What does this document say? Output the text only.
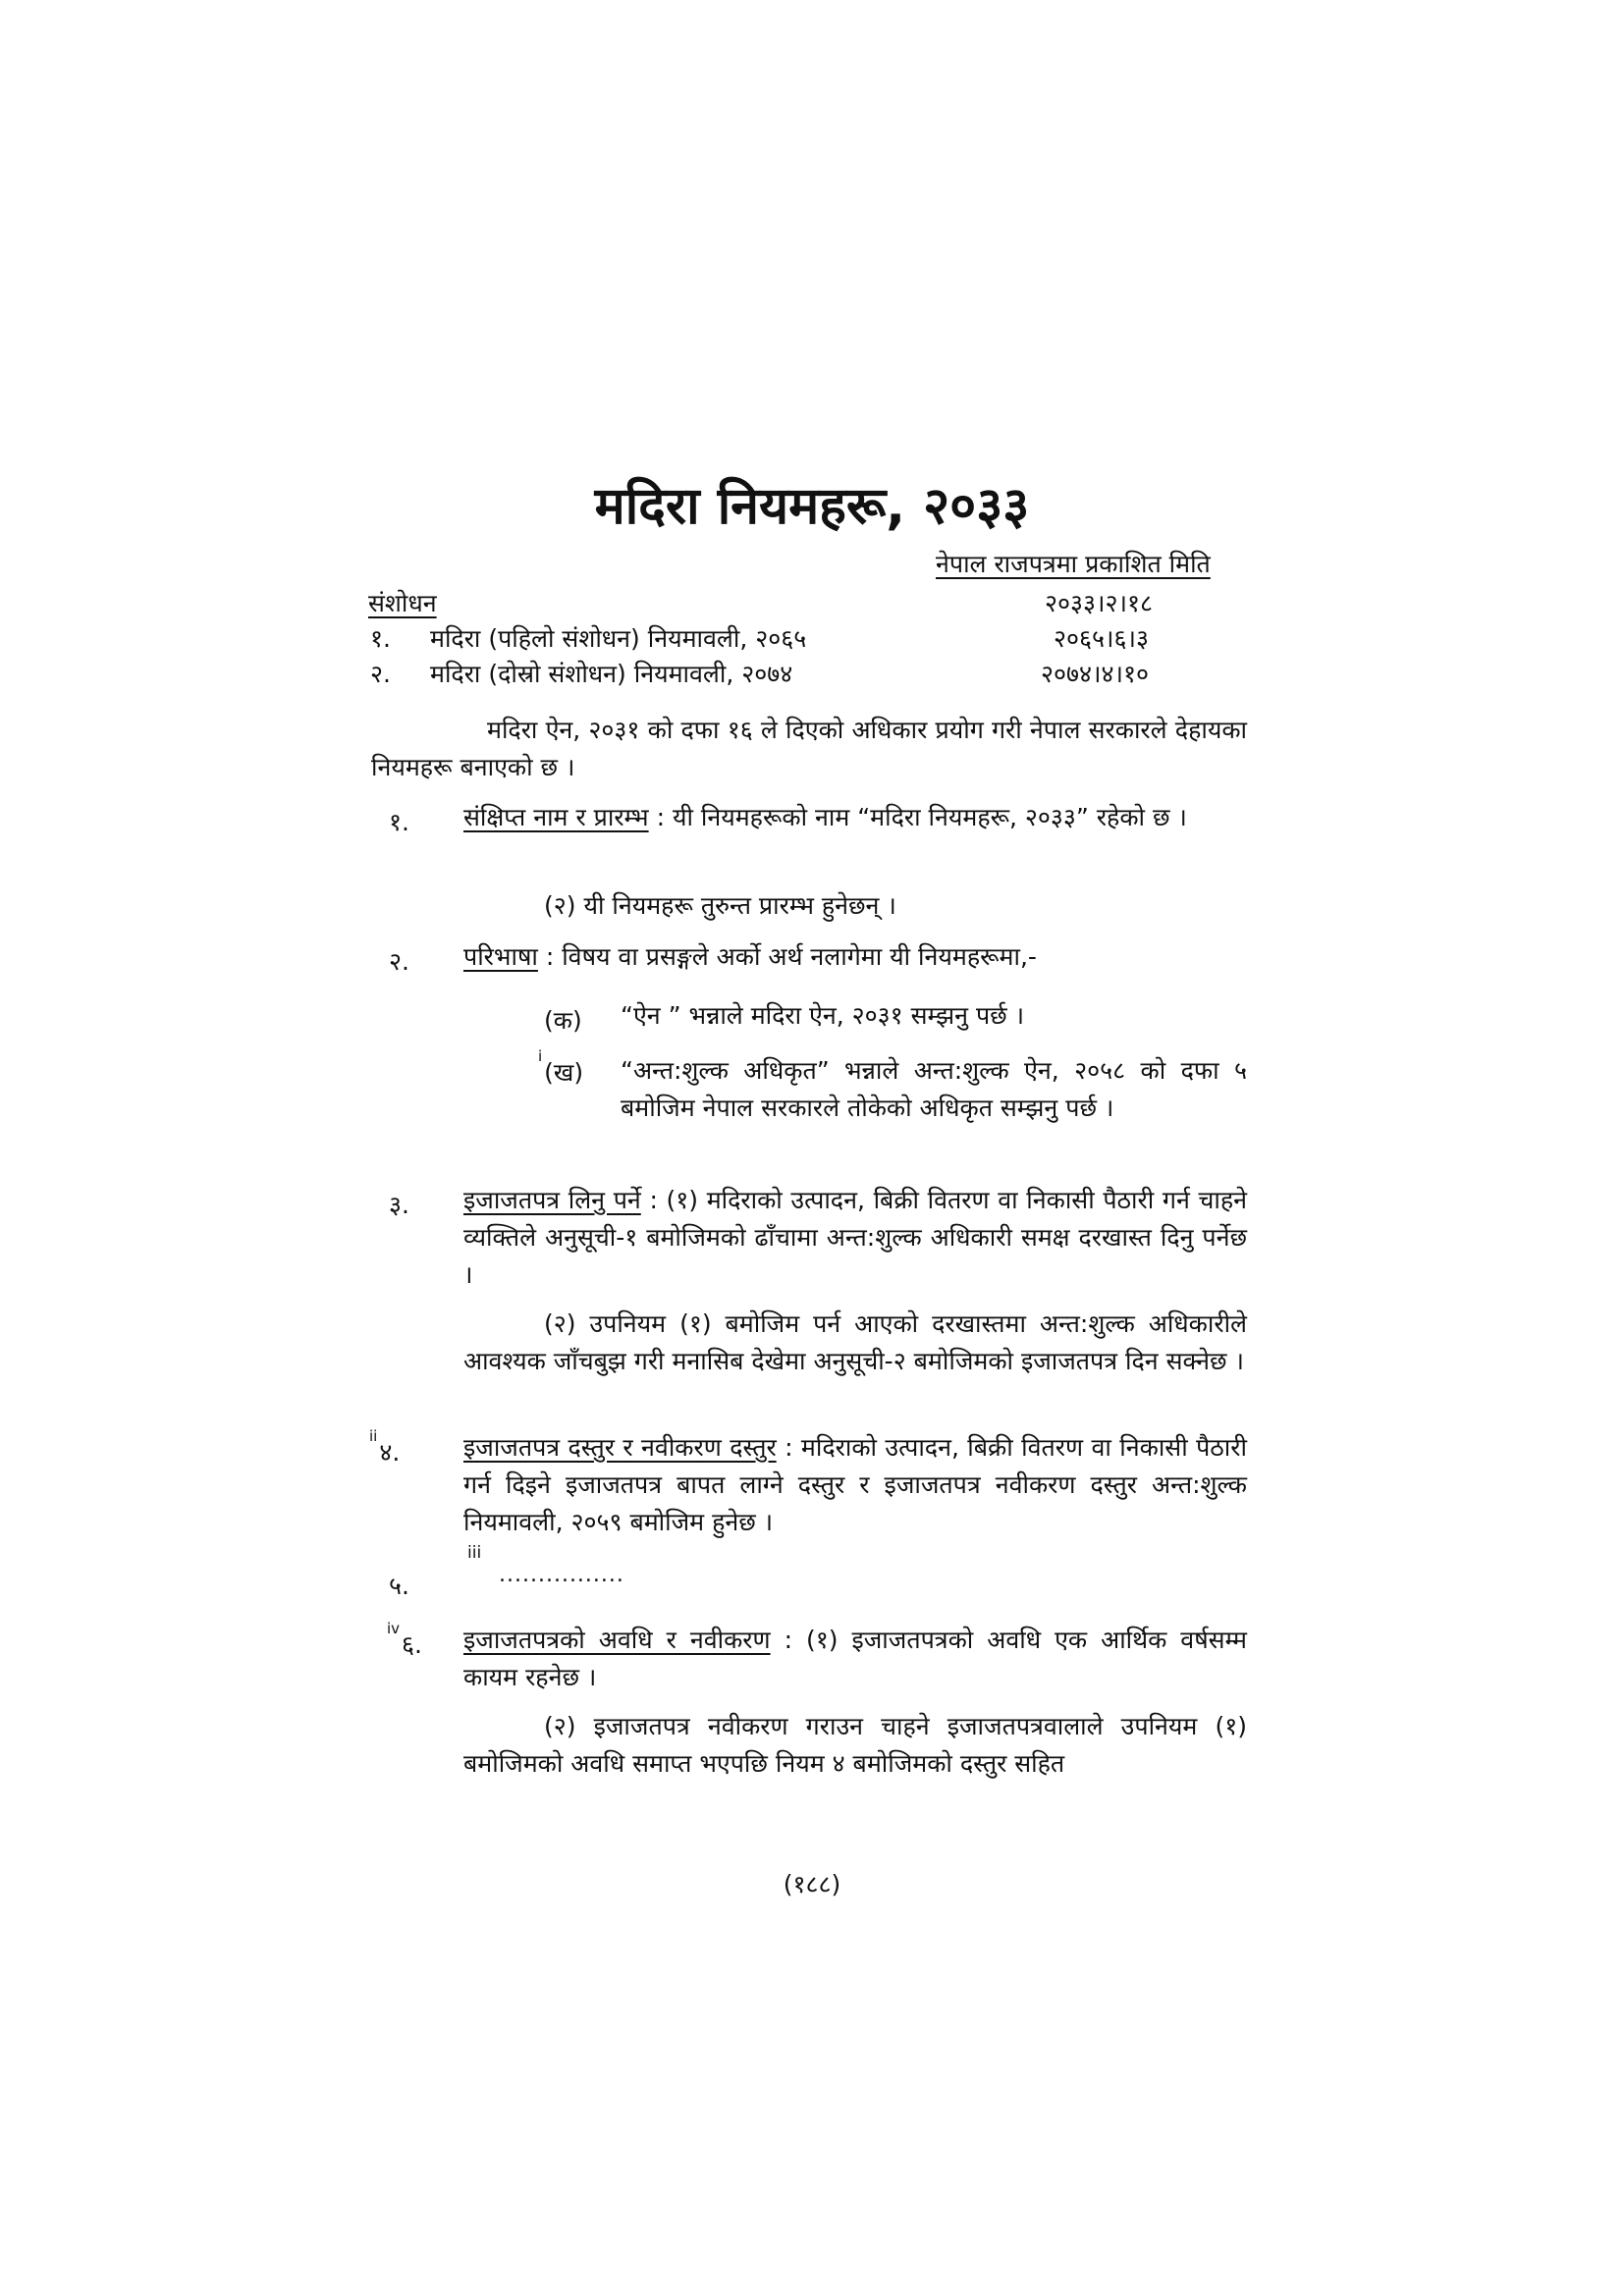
मदिरा नियमहरू, २०३३
नेपाल राजपत्रमा प्रकाशित मिति
संशोधन	२०३३।२।१८
१. मदिरा (पहिलो संशोधन) नियमावली, २०६५	२०६५।६।३
२. मदिरा (दोस्रो संशोधन) नियमावली, २०७४	२०७४।४।१०
मदिरा ऐन, २०३१ को दफा १६ ले दिएको अधिकार प्रयोग गरी नेपाल सरकारले देहायका नियमहरू बनाएको छ ।
१. संक्षिप्त नाम र प्रारम्भ : यी नियमहरूको नाम “मदिरा नियमहरू, २०३३” रहेको छ ।
(२) यी नियमहरू तुरुन्त प्रारम्भ हुनेछन् ।
२. परिभाषा : विषय वा प्रसङ्गले अर्को अर्थ नलागेमा यी नियमहरूमा,-
(क) “ऐन ” भन्नाले मदिरा ऐन, २०३१ सम्झनु पर्छ ।
$^i$(ख) “अन्त:शुल्क अधिकृत” भन्नाले अन्त:शुल्क ऐन, २०५८ को दफा ५ बमोजिम नेपाल सरकारले तोकेको अधिकृत सम्झनु पर्छ ।
३. इजाजतपत्र लिनु पर्ने : (१) मदिराको उत्पादन, बिक्री वितरण वा निकासी पैठारी गर्न चाहने व्यक्तिले अनुसूची-१ बमोजिमको ढाँचामा अन्त:शुल्क अधिकारी समक्ष दरखास्त दिनु पर्नेछ ।
(२) उपनियम (१) बमोजिम पर्न आएको दरखास्तमा अन्त:शुल्क अधिकारीले आवश्यक जाँचबुझ गरी मनासिब देखेमा अनुसूची-२ बमोजिमको इजाजतपत्र दिन सक्नेछ ।
$^{ii}$४.	इजाजतपत्र दस्तुर र नवीकरण दस्तुर : मदिराको उत्पादन, बिक्री वितरण वा निकासी पैठारी गर्न दिइने इजाजतपत्र बापत लाग्ने दस्तुर र इजाजतपत्र नवीकरण दस्तुर अन्त:शुल्क नियमावली, २०५९ बमोजिम हुनेछ ।
५.
iii
................
$^{iv}$६. इजाजतपत्रको अवधि र नवीकरण : (१) इजाजतपत्रको अवधि एक आर्थिक वर्षसम्म कायम रहनेछ ।
(२) इजाजतपत्र नवीकरण गराउन चाहने इजाजतपत्रवालाले उपनियम (१) बमोजिमको अवधि समाप्त भएपछि नियम ४ बमोजिमको दस्तुर सहित
(१८८)
